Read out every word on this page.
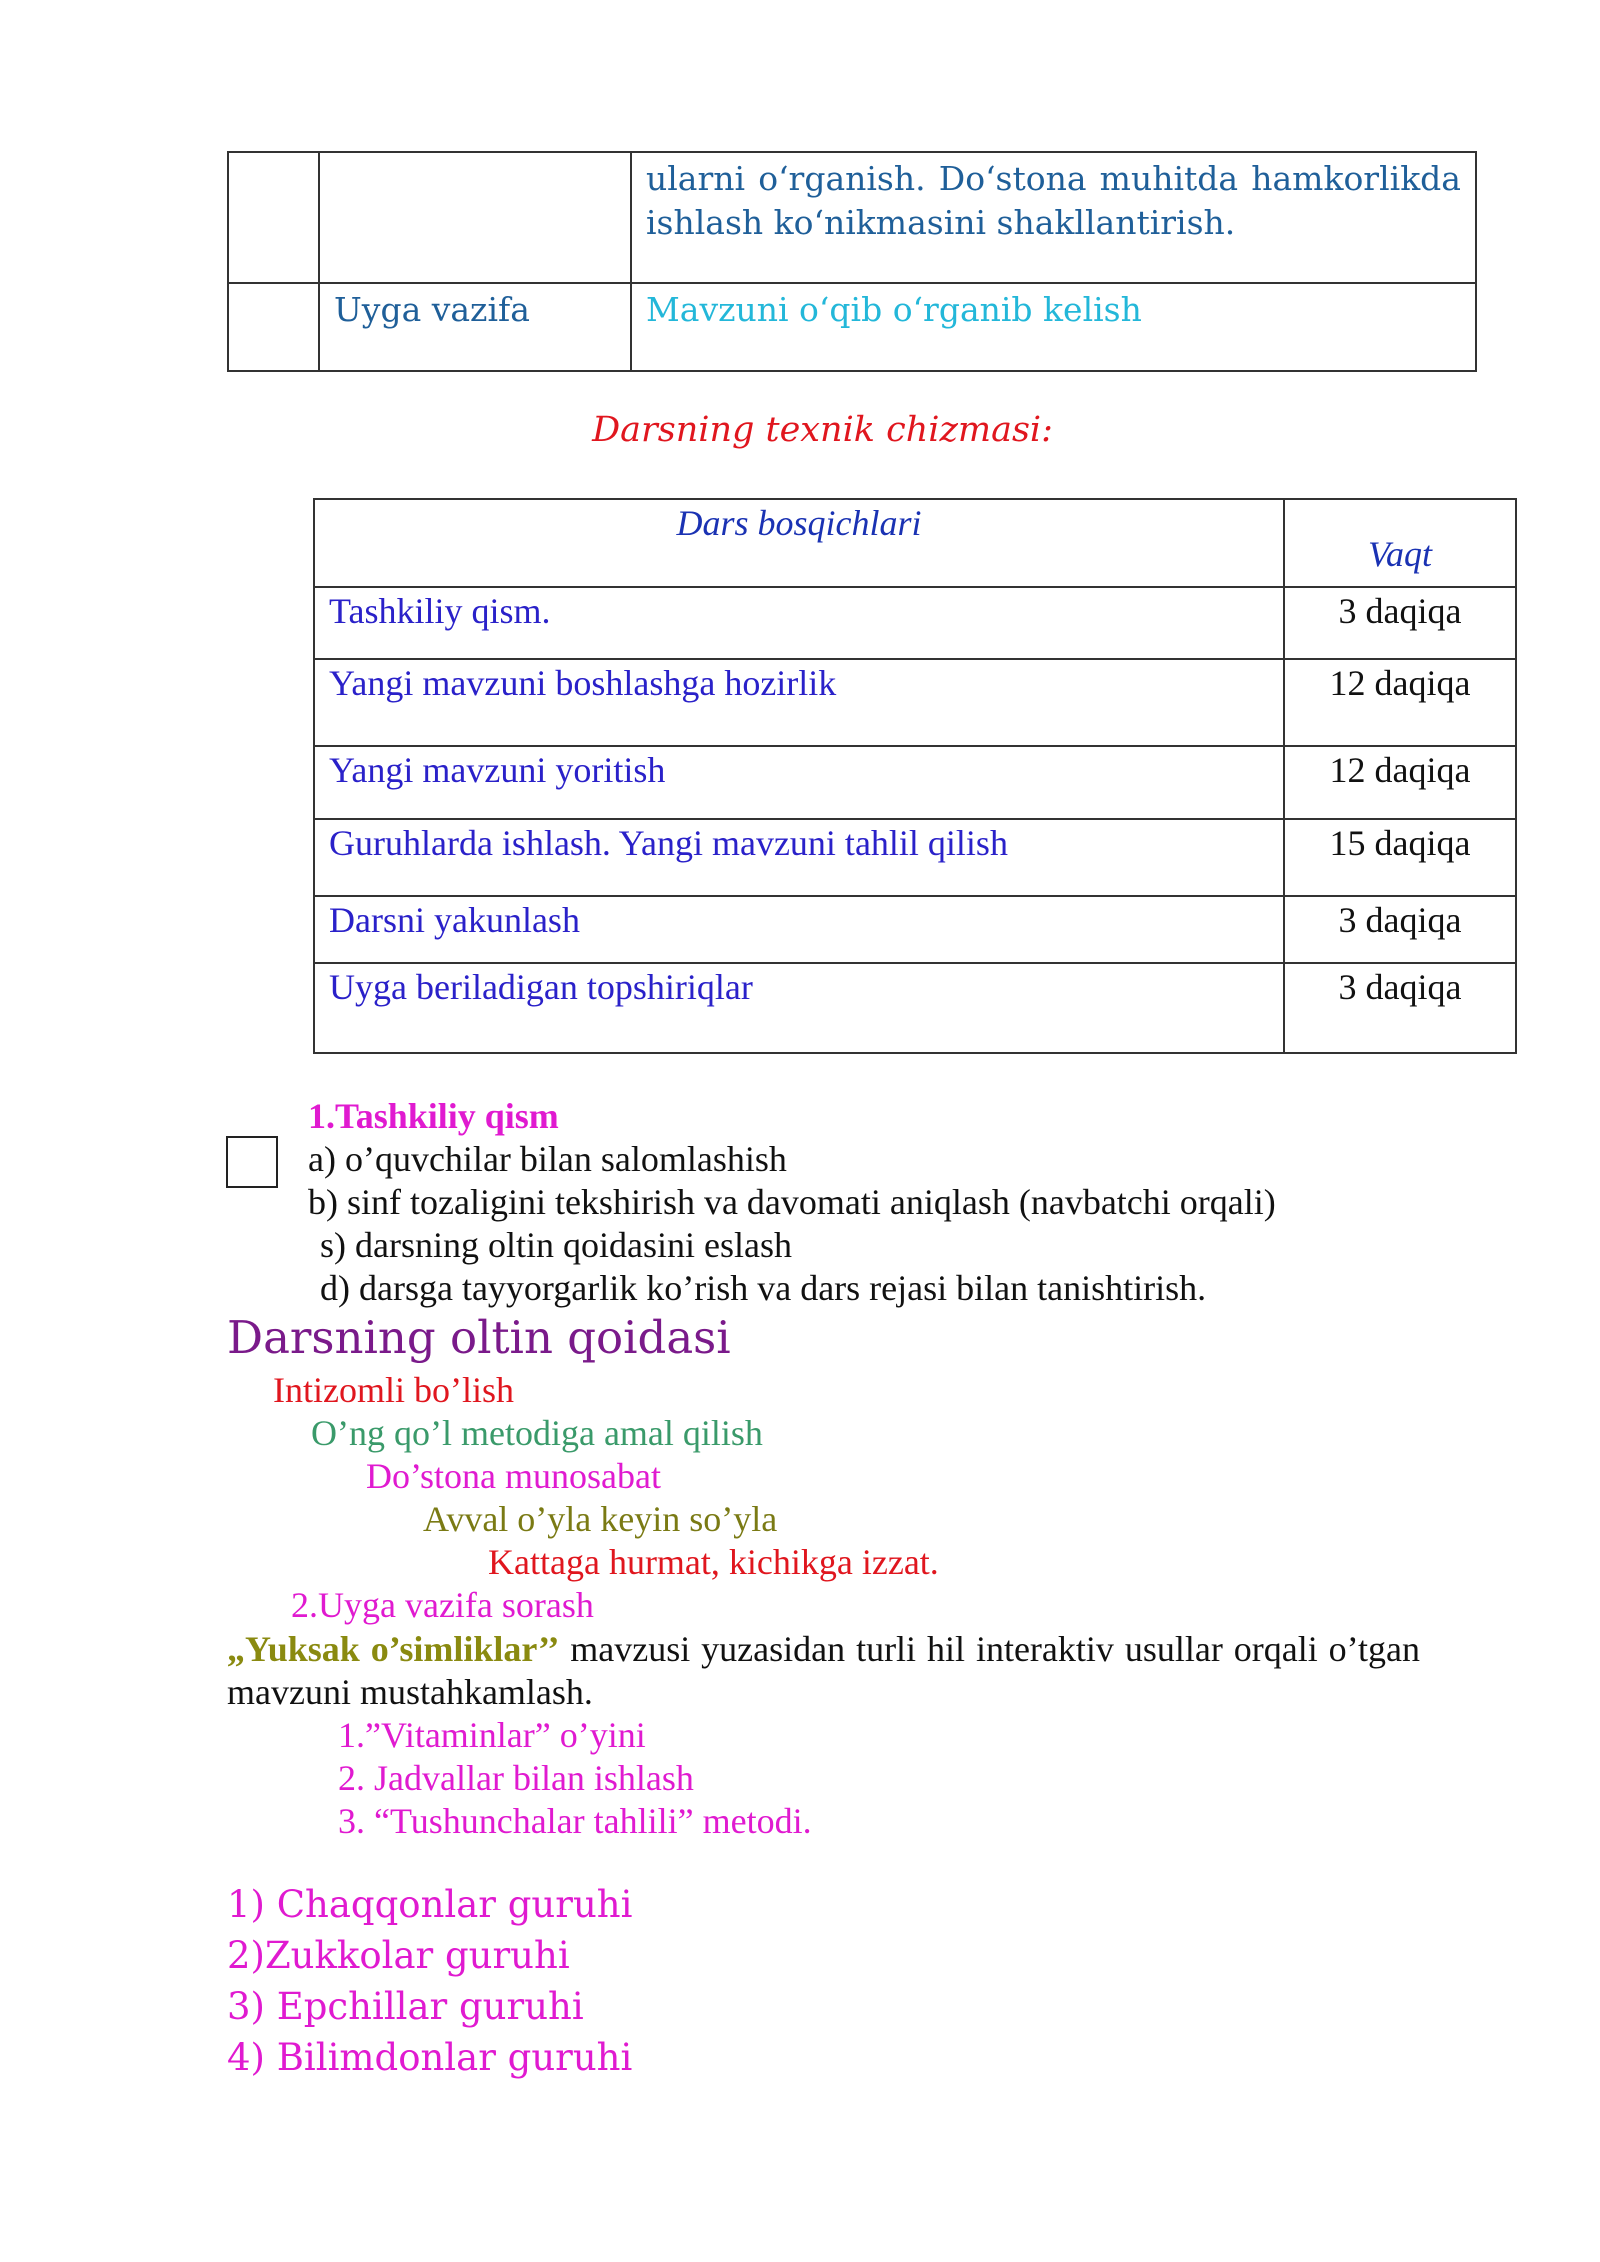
		ularni o‘rganish. Do‘stona muhitda hamkorlikda ishlash ko‘nikmasini shakllantirish.

	Uyga vazifa	Mavzuni o‘qib o‘rganib kelish

Darsning texnik chizmasi:

Dars bosqichlari	Vaqt
Tashkiliy qism.	3 daqiqa
Yangi mavzuni boshlashga hozirlik	12 daqiqa
Yangi mavzuni yoritish	12 daqiqa
Guruhlarda ishlash. Yangi mavzuni tahlil qilish	15 daqiqa
Darsni yakunlash	3 daqiqa
Uyga beriladigan topshiriqlar	3 daqiqa

1.Tashkiliy qism

a) o’quvchilar bilan salomlashish

b) sinf tozaligini tekshirish va davomati aniqlash (navbatchi orqali)

s) darsning oltin qoidasini eslash

d) darsga tayyorgarlik ko’rish va dars rejasi bilan tanishtirish.

Darsning oltin qoidasi

Intizomli bo’lish

O’ng qo’l metodiga amal qilish

Do’stona munosabat

Avval o’yla keyin so’yla

Kattaga hurmat, kichikga izzat.

2.Uyga vazifa sorash

„Yuksak o’simliklar’’ mavzusi yuzasidan turli hil interaktiv usullar orqali o’tgan mavzuni mustahkamlash.

1.”Vitaminlar” o’yini

2. Jadvallar bilan ishlash

3. “Tushunchalar tahlili” metodi.

1) Chaqqonlar guruhi

2)Zukkolar guruhi

3) Epchillar guruhi

4) Bilimdonlar guruhi
